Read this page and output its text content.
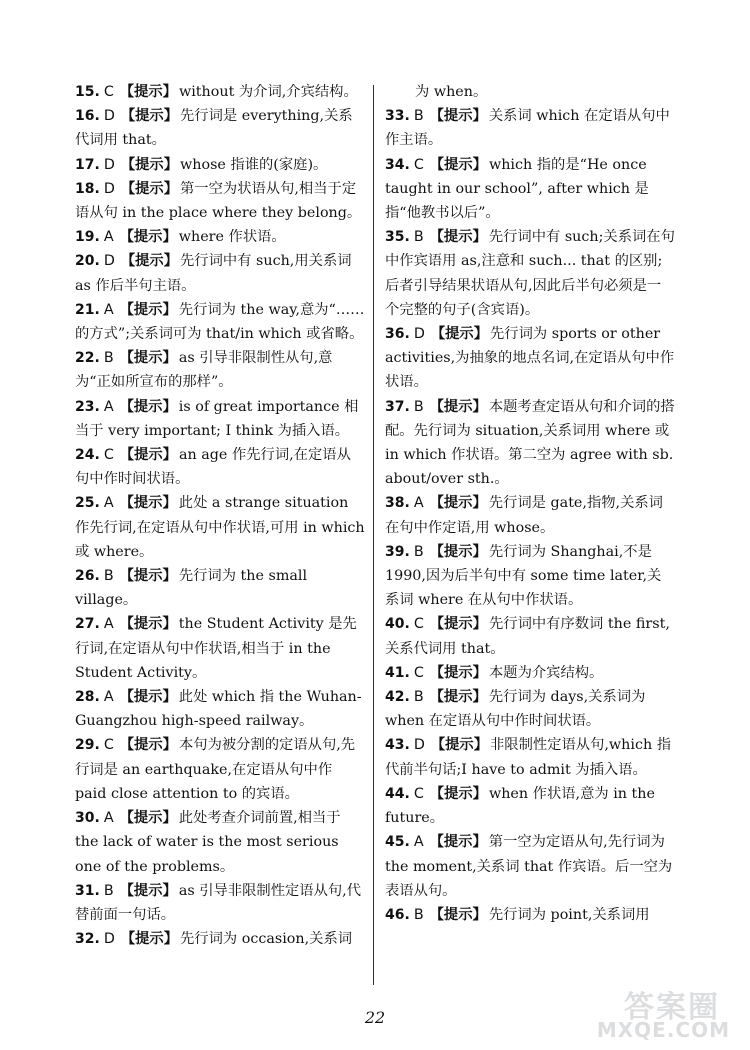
15. C 【提示】 without 为介词,介宾结构。

16. D 【提示】 先行词是 everything,关系代词用 that。

17. D 【提示】 whose 指谁的(家庭)。

18. D 【提示】 第一空为状语从句,相当于定语从句 in the place where they belong。

19. A 【提示】 where 作状语。

20. D 【提示】 先行词中有 such,用关系词 as 作后半句主语。

21. A 【提示】 先行词为 the way,意为“……的方式”;关系词可为 that/in which 或省略。

22. B 【提示】 as 引导非限制性从句,意为“正如所宣布的那样”。

23. A 【提示】 is of great importance 相当于 very important; I think 为插入语。

24. C 【提示】 an age 作先行词,在定语从句中作时间状语。

25. A 【提示】 此处 a strange situation 作先行词,在定语从句中作状语,可用 in which 或 where。

26. B 【提示】 先行词为 the small village。

27. A 【提示】 the Student Activity 是先行词,在定语从句中作状语,相当于 in the Student Activity。

28. A 【提示】 此处 which 指 the Wuhan-Guangzhou high-speed railway。

29. C 【提示】 本句为被分割的定语从句,先行词是 an earthquake,在定语从句中作 paid close attention to 的宾语。

30. A 【提示】 此处考查介词前置,相当于 the lack of water is the most serious one of the problems。

31. B 【提示】 as 引导非限制性定语从句,代替前面一句话。

32. D 【提示】 先行词为 occasion,关系词

为 when。

33. B 【提示】 关系词 which 在定语从句中作主语。

34. C 【提示】 which 指的是“He once taught in our school”, after which 是指“他教书以后”。

35. B 【提示】 先行词中有 such;关系词在句中作宾语用 as,注意和 such... that 的区别;后者引导结果状语从句,因此后半句必须是一个完整的句子(含宾语)。

36. D 【提示】 先行词为 sports or other activities,为抽象的地点名词,在定语从句中作状语。

37. B 【提示】 本题考查定语从句和介词的搭配。先行词为 situation,关系词用 where 或 in which 作状语。第二空为 agree with sb. about/over sth.。

38. A 【提示】 先行词是 gate,指物,关系词在句中作定语,用 whose。

39. B 【提示】 先行词为 Shanghai,不是 1990,因为后半句中有 some time later,关系词 where 在从句中作状语。

40. C 【提示】 先行词中有序数词 the first,关系代词用 that。

41. C 【提示】 本题为介宾结构。

42. B 【提示】 先行词为 days,关系词为 when 在定语从句中作时间状语。

43. D 【提示】 非限制性定语从句,which 指代前半句话;I have to admit 为插入语。

44. C 【提示】 when 作状语,意为 in the future。

45. A 【提示】 第一空为定语从句,先行词为 the moment,关系词 that 作宾语。后一空为表语从句。

46. B 【提示】 先行词为 point,关系词用

22	答案圈
MXQE.COM
